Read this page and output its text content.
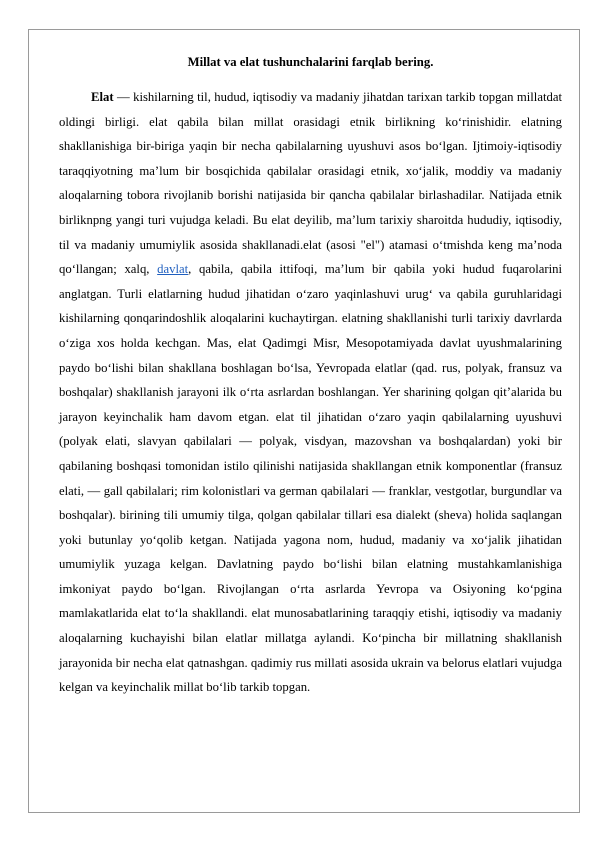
Millat va elat tushunchalarini farqlab bering.

Elat — kishilarning til, hudud, iqtisodiy va madaniy jihatdan tarixan tarkib topgan millatdat oldingi birligi. elat qabila bilan millat orasidagi etnik birlikning ko‘rinishidir. elatning shakllanishiga bir-biriga yaqin bir necha qabilalarning uyushuvi asos bo‘lgan. Ijtimoiy-iqtisodiy taraqqiyotning ma’lum bir bosqichida qabilalar orasidagi etnik, xo‘jalik, moddiy va madaniy aloqalarning tobora rivojlanib borishi natijasida bir qancha qabilalar birlashadilar. Natijada etnik birliknpng yangi turi vujudga keladi. Bu elat deyilib, ma’lum tarixiy sharoitda hududiy, iqtisodiy, til va madaniy umumiylik asosida shakllanadi.elat (asosi "el") atamasi o‘tmishda keng ma’noda qo‘llangan; xalq, davlat, qabila, qabila ittifoqi, ma’lum bir qabila yoki hudud fuqarolarini anglatgan. Turli elatlarning hudud jihatidan o‘zaro yaqinlashuvi urug‘ va qabila guruhlaridagi kishilarning qonqarindoshlik aloqalarini kuchaytirgan. elatning shakllanishi turli tarixiy davrlarda o‘ziga xos holda kechgan. Mas, elat Qadimgi Misr, Mesopotamiyada davlat uyushmalarining paydo bo‘lishi bilan shakllana boshlagan bo‘lsa, Yevropada elatlar (qad. rus, polyak, fransuz va boshqalar) shakllanish jarayoni ilk o‘rta asrlardan boshlangan. Yer sharining qolgan qit’alarida bu jarayon keyinchalik ham davom etgan. elat til jihatidan o‘zaro yaqin qabilalarning uyushuvi (polyak elati, slavyan qabilalari — polyak, visdyan, mazovshan va boshqalardan) yoki bir qabilaning boshqasi tomonidan istilo qilinishi natijasida shakllangan etnik komponentlar (fransuz elati, — gall qabilalari; rim kolonistlari va german qabilalari — franklar, vestgotlar, burgundlar va boshqalar). birining tili umumiy tilga, qolgan qabilalar tillari esa dialekt (sheva) holida saqlangan yoki butunlay yo‘qolib ketgan. Natijada yagona nom, hudud, madaniy va xo‘jalik jihatidan umumiylik yuzaga kelgan. Davlatning paydo bo‘lishi bilan elatning mustahkamlanishiga imkoniyat paydo bo‘lgan. Rivojlangan o‘rta asrlarda Yevropa va Osiyoning ko‘pgina mamlakatlarida elat to‘la shakllandi. elat munosabatlarining taraqqiy etishi, iqtisodiy va madaniy aloqalarning kuchayishi bilan elatlar millatga aylandi. Ko‘pincha bir millatning shakllanish jarayonida bir necha elat qatnashgan. qadimiy rus millati asosida ukrain va belorus elatlari vujudga kelgan va keyinchalik millat bo‘lib tarkib topgan.
